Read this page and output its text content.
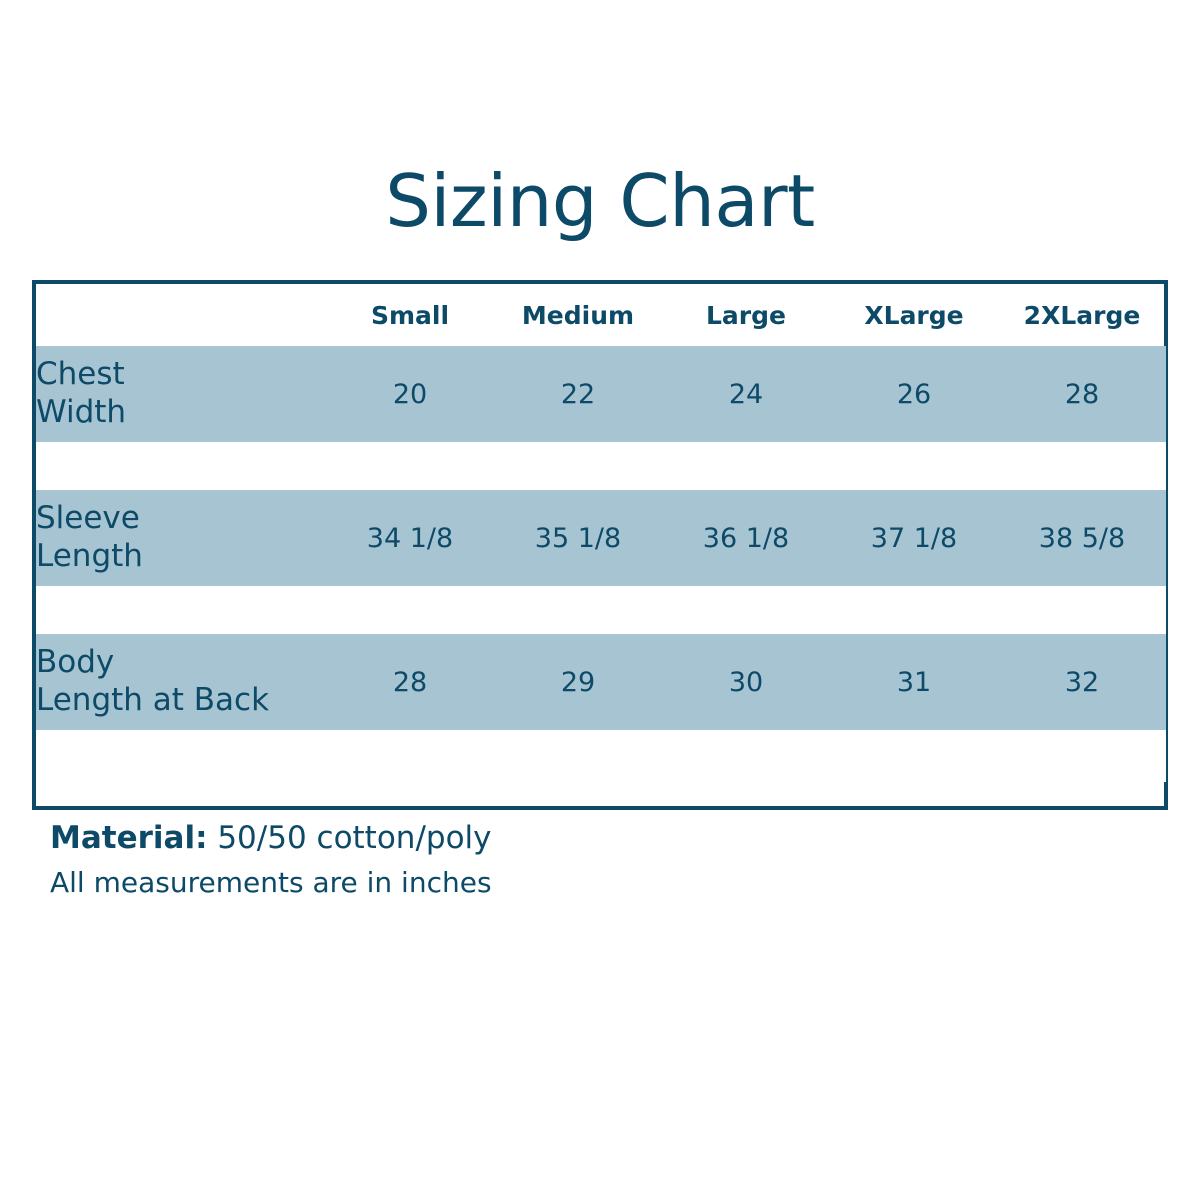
Sizing Chart
	Small	Medium	Large	XLarge	2XLarge

Chest
Width	20	22	24	26	28

Sleeve
Length	34 1/8	35 1/8	36 1/8	37 1/8	38 5/8

Body
Length at Back	28	29	30	31	32

Material: 50/50 cotton/poly
All measurements are in inches
